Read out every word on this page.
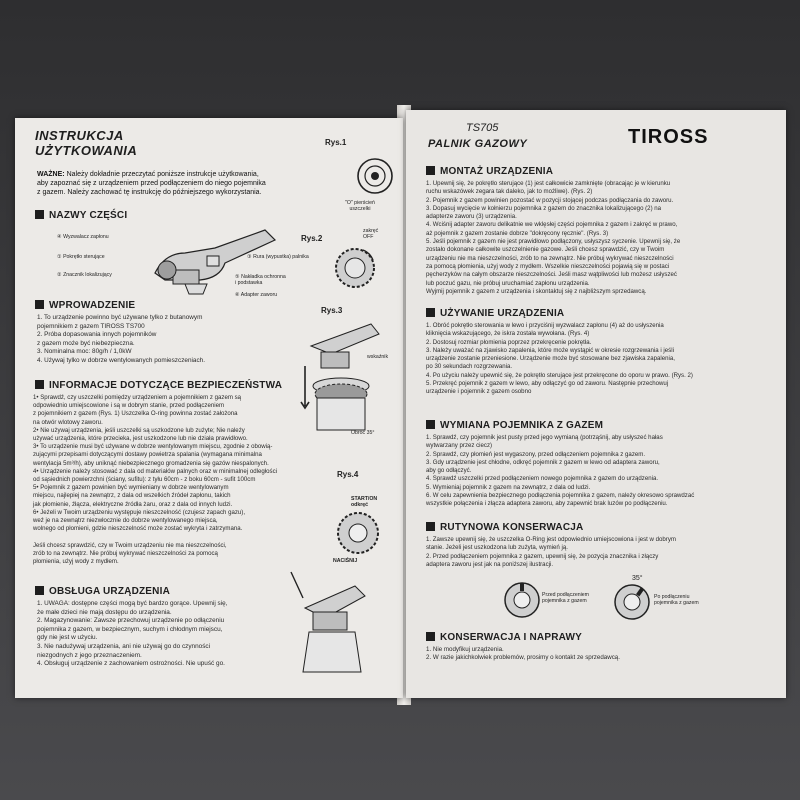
INSTRUKCJA
UŻYTKOWANIA
Rys.1
"O" pierścień
uszczelki
WAŻNE: Należy dokładnie przeczytać poniższe instrukcje użytkowania,
aby zapoznać się z urządzeniem przed podłączeniem do niego pojemnika
z gazem. Należy zachować tę instrukcję do późniejszego wykorzystania.
NAZWY CZĘŚCI
④ Wyzwalacz zapłonu
① Pokrętło sterujące
② Znacznik lokalizujący
③ Rura (wypustka) palnika
⑤ Nakładka ochronna
i podstawka
⑥ Adapter zaworu
Rys.2
zakręć
OFF
WPROWADZENIE
1. To urządzenie powinno być używane tylko z butanowym
pojemnikiem z gazem TIROSS TS700
2. Próba dopasowania innych pojemników
z gazem może być niebezpieczna.
3. Nominalna moc: 80g/h / 1,0kW
4. Używaj tylko w dobrze wentylowanych pomieszczeniach.
Rys.3
wskaźnik
Obróć 35°
INFORMACJE DOTYCZĄCE BEZPIECZEŃSTWA
1• Sprawdź, czy uszczelki pomiędzy urządzeniem a pojemnikiem z gazem są
odpowiednio umiejscowione i są w dobrym stanie, przed podłączeniem
z pojemnikiem z gazem (Rys. 1) Uszczelka O-ring powinna zostać założona
na otwór wlotowy zaworu.
2• Nie używaj urządzenia, jeśli uszczelki są uszkodzone lub zużyte; Nie należy
używać urządzenia, które przecieka, jest uszkodzone lub nie działa prawidłowo.
3• To urządzenie musi być używane w dobrze wentylowanym miejscu, zgodnie z obowią-
zującymi przepisami dotyczącymi dostawy powietrza spalania (wymagana minimalna
wentylacja 5m³/h), aby uniknąć niebezpiecznego gromadzenia się gazów niespalonych.
4• Urządzenie należy stosować z dala od materiałów palnych oraz w minimalnej odległości
od sąsiednich powierzchni (ściany, sufitu): z tyłu 60cm - z boku 60cm - sufit 100cm
5• Pojemnik z gazem powinien być wymieniany w dobrze wentylowanym
miejscu, najlepiej na zewnątrz, z dala od wszelkich źródeł zapłonu, takich
jak płomienie, źłącza, elektryczne źródła żaru, oraz z dala od innych ludzi.
6• Jeżeli w Twoim urządzeniu występuje nieszczelność (czujesz zapach gazu),
weź je na zewnątrz niezwłocznie do dobrze wentylowanego miejsca,
wolnego od płomieni, gdzie nieszczelność może zostać wykryta i zatrzymana.

Jeśli chcesz sprawdzić, czy w Twoim urządzeniu nie ma nieszczelności,
zrób to na zewnątrz. Nie próbuj wykrywać nieszczelności za pomocą
płomienia, użyj wody z mydłem.
Rys.4
START/ON
odkręć
NACIŚNIJ
OBSŁUGA URZĄDZENIA
1. UWAGA: dostępne części mogą być bardzo gorące. Upewnij się,
że małe dzieci nie mają dostępu do urządzenia.
2. Magazynowanie: Zawsze przechowuj urządzenie po odłączeniu
pojemnika z gazem, w bezpiecznym, suchym i chłodnym miejscu,
gdy nie jest w użyciu.
3. Nie nadużywaj urządzenia, ani nie używaj go do czynności
niezgodnych z jego przeznaczeniem.
4. Obsługuj urządzenie z zachowaniem ostrożności. Nie upuść go.
TS705	TIROSS
PALNIK GAZOWY
MONTAŻ URZĄDZENIA
1. Upewnij się, że pokrętło sterujące (1) jest całkowicie zamknięte (obracając je w kierunku
ruchu wskazówek zegara tak daleko, jak to możliwe). (Rys. 2)
2. Pojemnik z gazem powinien pozostać w pozycji stojącej podczas podłączania do zaworu.
3. Dopasuj wycięcie w kołnierzu pojemnika z gazem do znacznika lokalizującego (2) na
adapterze zaworu (3) urządzenia.
4. Wciśnij adapter zaworu delikatnie we wklęsłej części pojemnika z gazem i zakręć w prawo,
aż pojemnik z gazem zostanie dobrze "dokręcony ręcznie". (Rys. 3)
5. Jeśli pojemnik z gazem nie jest prawidłowo podłączony, usłyszysz syczenie. Upewnij się, że
zostało dokonane całkowite uszczelnienie gazowe. Jeśli chcesz sprawdzić, czy w Twoim
urządzeniu nie ma nieszczelności, zrób to na zewnątrz. Nie próbuj wykrywać nieszczelności
za pomocą płomienia, użyj wody z mydłem. Wszelkie nieszczelności pojawią się w postaci
pęcherzyków na całym obszarze nieszczelności. Jeśli masz wątpliwości lub możesz usłyszeć
lub poczuć gazu, nie próbuj uruchamiać zapłonu urządzenia.
Wyjmij pojemnik z gazem z urządzenia i skontaktuj się z najbliższym sprzedawcą.
UŻYWANIE URZĄDZENIA
1. Obróć pokrętło sterowania w lewo i przyciśnij wyzwalacz zapłonu (4) aż do usłyszenia
kliknięcia wskazującego, że iskra została wywołana. (Rys. 4)
2. Dostosuj rozmiar płomienia poprzez przekręcenie pokrętła.
3. Należy uważać na zjawisko zapalenia, które może wystąpić w okresie rozgrzewania i jeśli
urządzenie zostanie przeniesione. Urządzenie może być stosowane bez zjawiska zapalenia,
po 30 sekundach rozgrzewania.
4. Po użyciu należy upewnić się, że pokrętło sterujące jest przekręcone do oporu w prawo. (Rys. 2)
5. Przekręć pojemnik z gazem w lewo, aby odłączyć go od zaworu. Następnie przechowuj
urządzenie i pojemnik z gazem osobno
WYMIANA POJEMNIKA Z GAZEM
1. Sprawdź, czy pojemnik jest pusty przed jego wymianą (potrząśnij, aby usłyszeć hałas
wytwarzany przez ciecz)
2. Sprawdź, czy płomień jest wygaszony, przed odłączeniem pojemnika z gazem.
3. Gdy urządzenie jest chłodne, odkręć pojemnik z gazem w lewo od adaptera zaworu,
aby go odłączyć.
4. Sprawdź uszczelki przed podłączeniem nowego pojemnika z gazem do urządzenia.
5. Wymieniaj pojemnik z gazem na zewnątrz, z dala od ludzi.
6. W celu zapewnienia bezpiecznego podłączenia pojemnika z gazem, należy okresowo sprawdzać
wszystkie połączenia i złącza adaptera zaworu, aby zapewnić brak luzów po podłączeniu.
RUTYNOWA KONSERWACJA
1. Zawsze upewnij się, że uszczelka O-Ring jest odpowiednio umiejscowiona i jest w dobrym
stanie. Jeżeli jest uszkodzona lub zużyta, wymień ją.
2. Przed podłączeniem pojemnika z gazem, upewnij się, że pozycja znacznika i złączy
adaptera zaworu jest jak na poniższej ilustracji.
Przed podłączeniem
pojemnika z gazem
35°
Po podłączeniu
pojemnika z gazem
KONSERWACJA I NAPRAWY
1. Nie modyfikuj urządzenia.
2. W razie jakichkolwiek problemów, prosimy o kontakt ze sprzedawcą.
